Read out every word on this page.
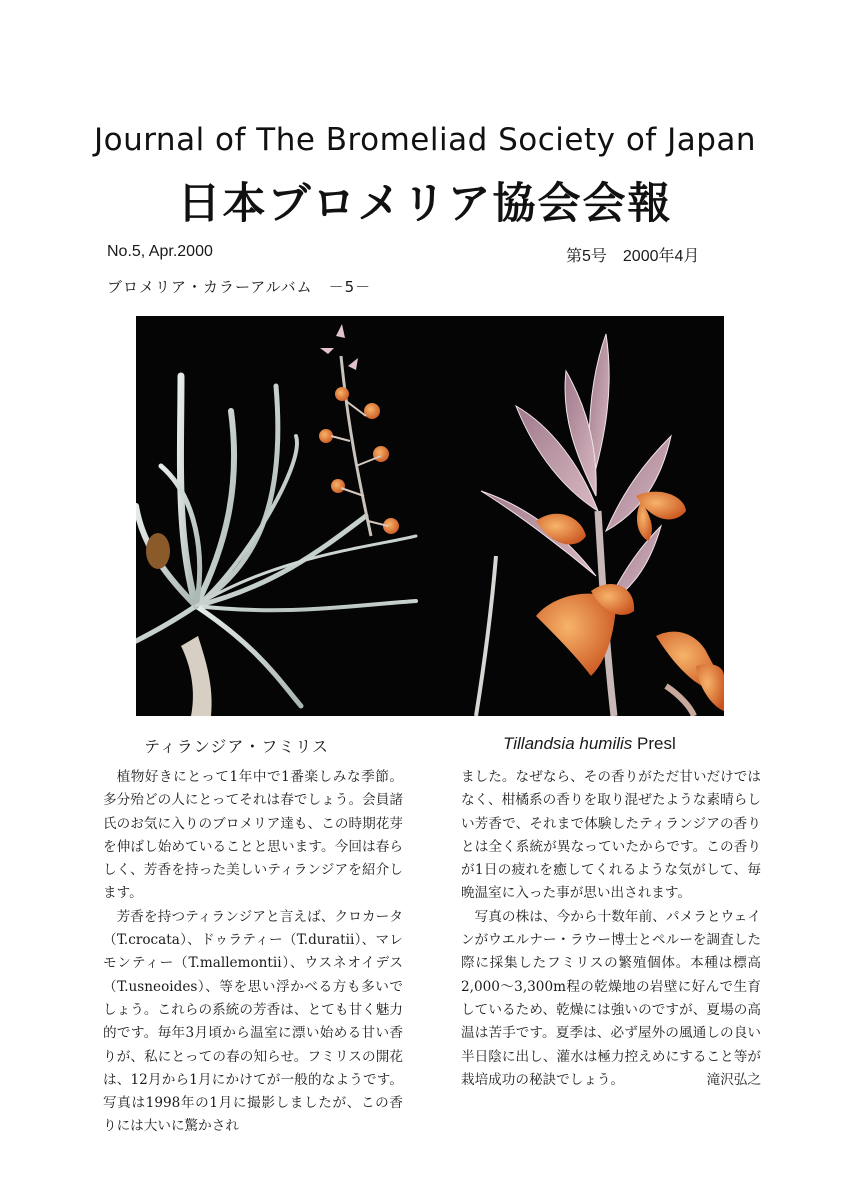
Journal of The Bromeliad Society of Japan
日本ブロメリア協会会報
No.5, Apr.2000	第5号　2000年4月
ブロメリア・カラーアルバム　－5－
ティランジア・フミリス	Tillandsia humilis Presl

植物好きにとって1年中で1番楽しみな季節。多分殆どの人にとってそれは春でしょう。会員諸氏のお気に入りのブロメリア達も、この時期花芽を伸ばし始めていることと思います。今回は春らしく、芳香を持った美しいティランジアを紹介します。

芳香を持つティランジアと言えば、クロカータ（T.crocata）、ドゥラティー（T.duratii）、マレモンティー（T.mallemontii）、ウスネオイデス（T.usneoides）、等を思い浮かべる方も多いでしょう。これらの系統の芳香は、とても甘く魅力的です。毎年3月頃から温室に漂い始める甘い香りが、私にとっての春の知らせ。フミリスの開花は、12月から1月にかけてが一般的なようです。写真は1998年の1月に撮影しましたが、この香りには大いに驚かされ

ました。なぜなら、その香りがただ甘いだけではなく、柑橘系の香りを取り混ぜたような素晴らしい芳香で、それまで体験したティランジアの香りとは全く系統が異なっていたからです。この香りが1日の疲れを癒してくれるような気がして、毎晩温室に入った事が思い出されます。

写真の株は、今から十数年前、パメラとウェインがウエルナー・ラウー博士とペルーを調査した際に採集したフミリスの繁殖個体。本種は標高2,000～3,300m程の乾燥地の岩壁に好んで生育しているため、乾燥には強いのですが、夏場の高温は苦手です。夏季は、必ず屋外の風通しの良い半日陰に出し、灌水は極力控えめにすること等が栽培成功の秘訣でしょう。	滝沢弘之
